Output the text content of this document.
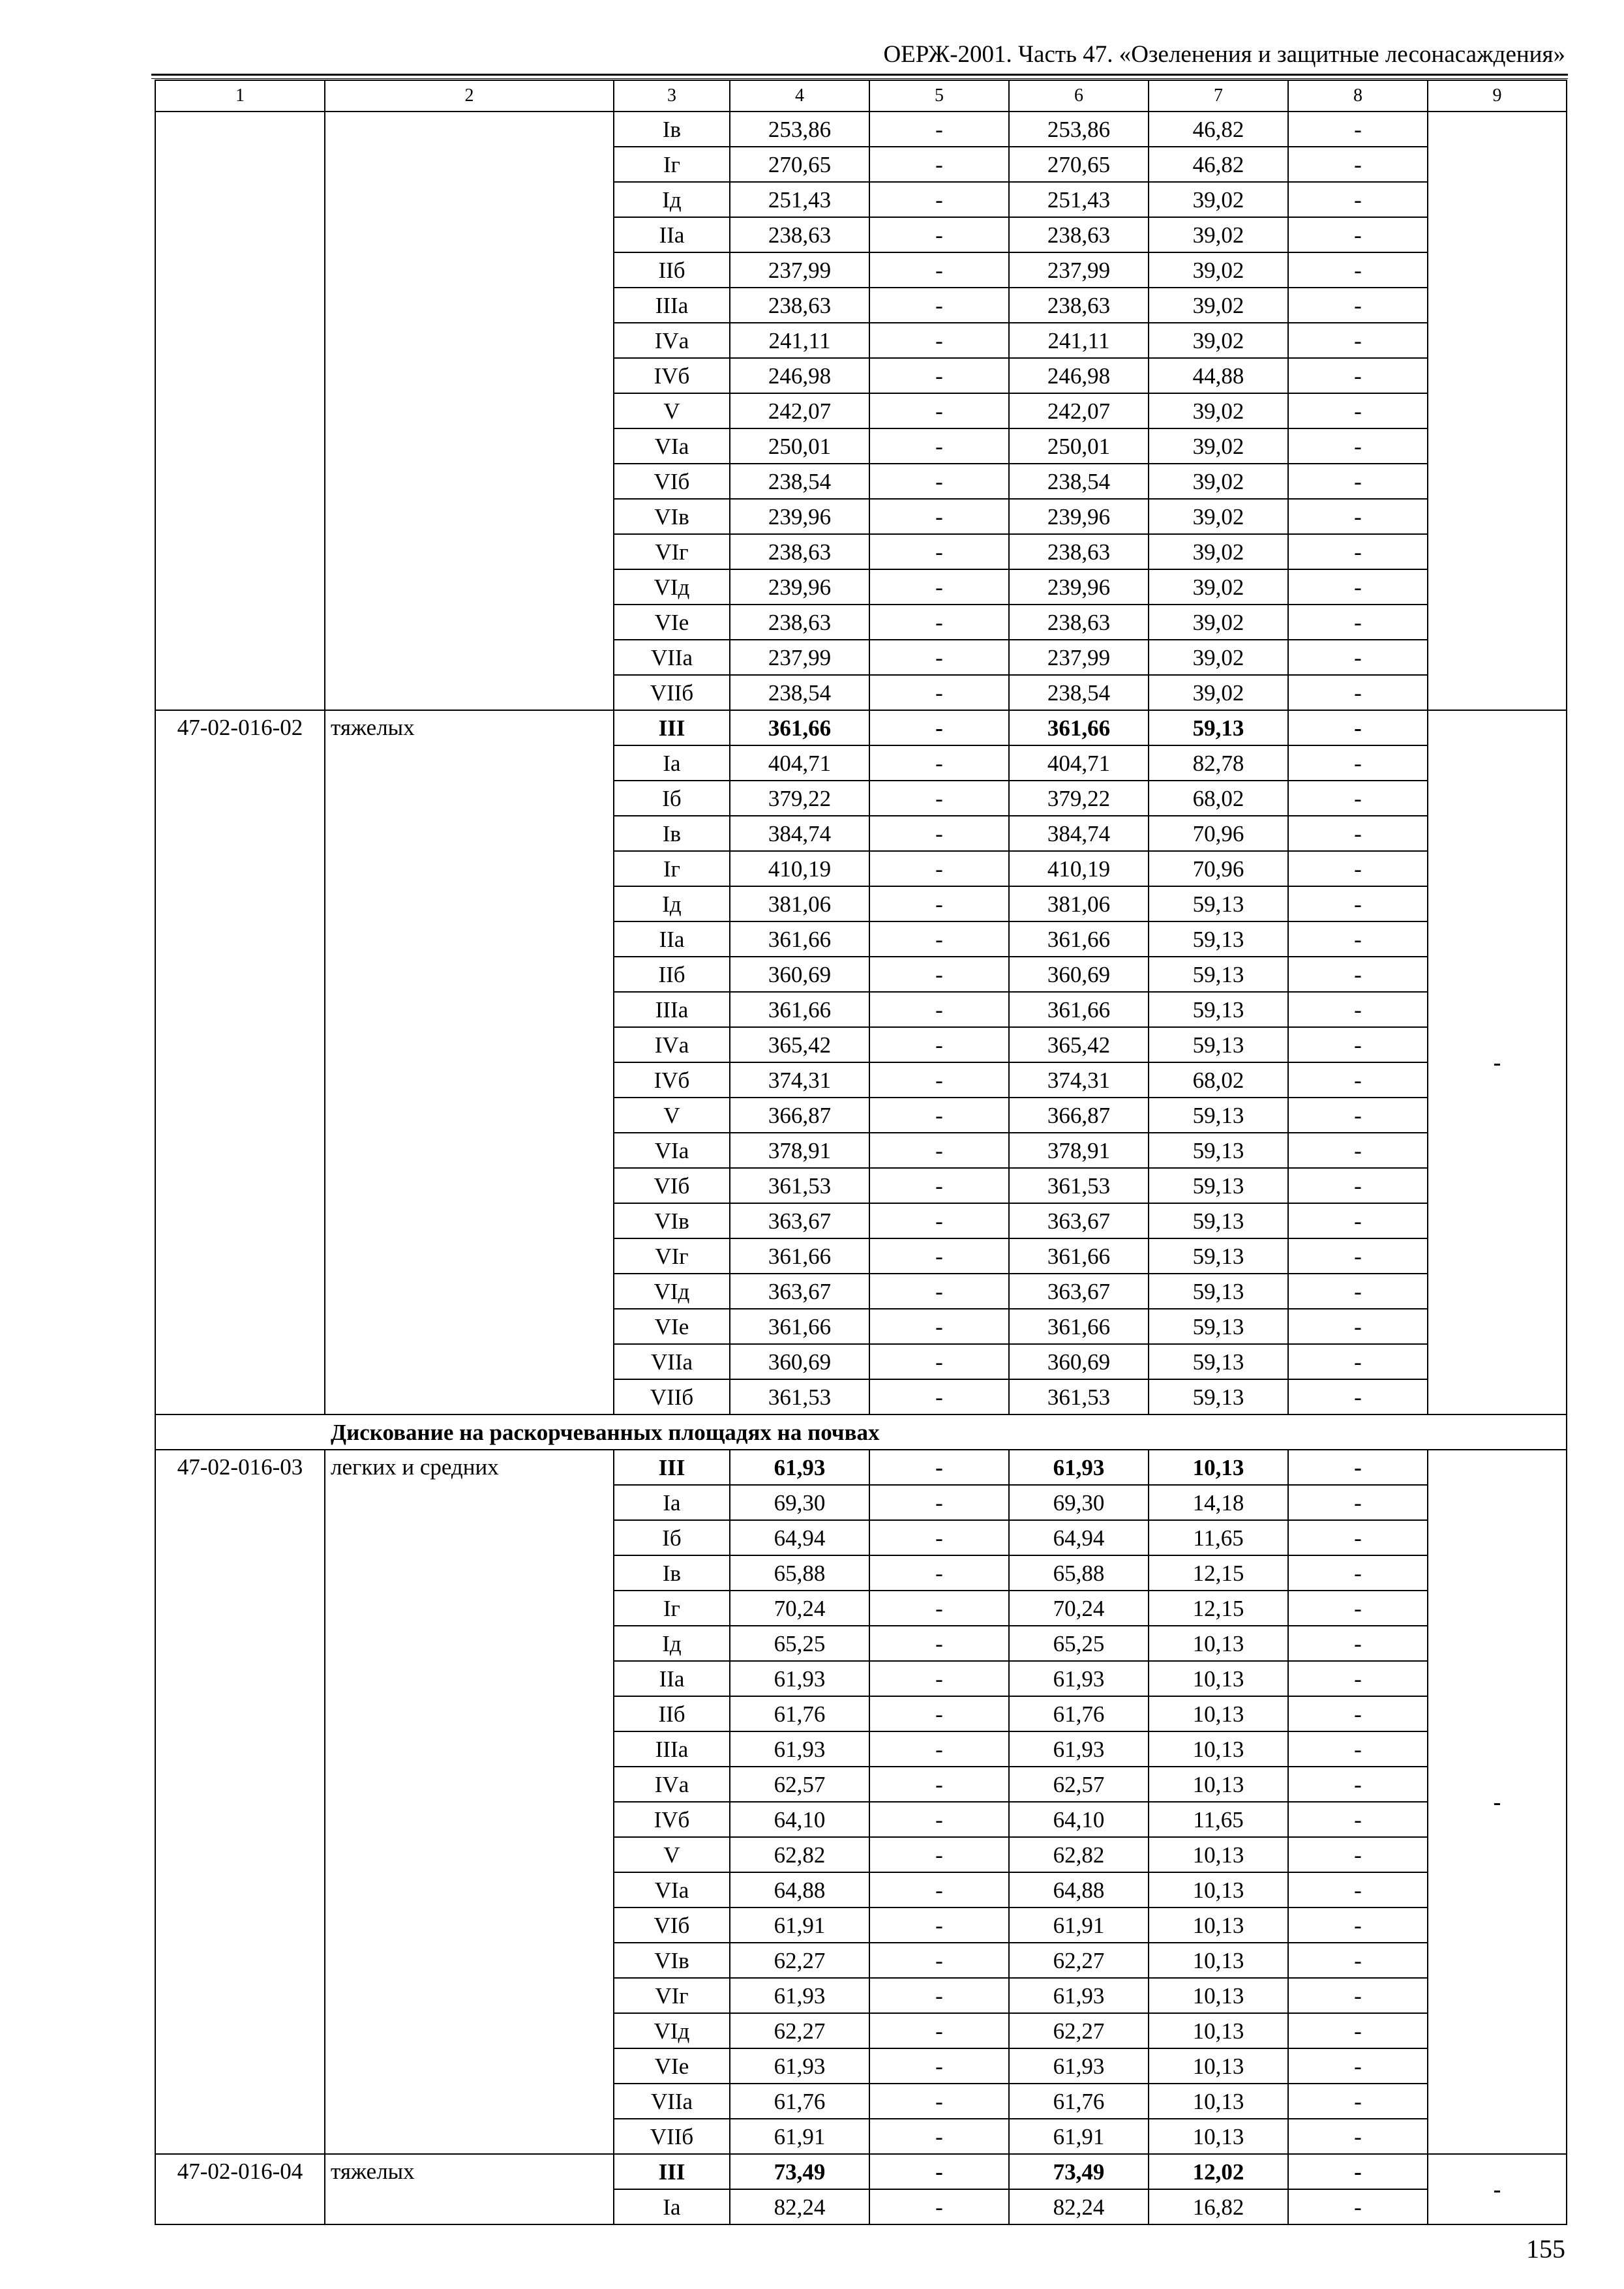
ОЕРЖ-2001. Часть 47. «Озеленения и защитные лесонасаждения»
1	2	3	4	5	6	7	8	9
		Iв	253,86	-	253,86	46,82	-	
		Iг	270,65	-	270,65	46,82	-	
		Iд	251,43	-	251,43	39,02	-	
		IIа	238,63	-	238,63	39,02	-	
		IIб	237,99	-	237,99	39,02	-	
		IIIа	238,63	-	238,63	39,02	-	
		IVа	241,11	-	241,11	39,02	-	
		IVб	246,98	-	246,98	44,88	-	
		V	242,07	-	242,07	39,02	-	
		VIа	250,01	-	250,01	39,02	-	
		VIб	238,54	-	238,54	39,02	-	
		VIв	239,96	-	239,96	39,02	-	
		VIг	238,63	-	238,63	39,02	-	
		VIд	239,96	-	239,96	39,02	-	
		VIе	238,63	-	238,63	39,02	-	
		VIIа	237,99	-	237,99	39,02	-	
		VIIб	238,54	-	238,54	39,02	-	
47-02-016-02	тяжелых	III	361,66	-	361,66	59,13	-	-
		Iа	404,71	-	404,71	82,78	-	
		Iб	379,22	-	379,22	68,02	-	
		Iв	384,74	-	384,74	70,96	-	
		Iг	410,19	-	410,19	70,96	-	
		Iд	381,06	-	381,06	59,13	-	
		IIа	361,66	-	361,66	59,13	-	
		IIб	360,69	-	360,69	59,13	-	
		IIIа	361,66	-	361,66	59,13	-	
		IVа	365,42	-	365,42	59,13	-	
		IVб	374,31	-	374,31	68,02	-	
		V	366,87	-	366,87	59,13	-	
		VIа	378,91	-	378,91	59,13	-	
		VIб	361,53	-	361,53	59,13	-	
		VIв	363,67	-	363,67	59,13	-	
		VIг	361,66	-	361,66	59,13	-	
		VIд	363,67	-	363,67	59,13	-	
		VIе	361,66	-	361,66	59,13	-	
		VIIа	360,69	-	360,69	59,13	-	
		VIIб	361,53	-	361,53	59,13	-	
Дискование на раскорчеванных площадях на почвах								
47-02-016-03	легких и средних	III	61,93	-	61,93	10,13	-	-
		Iа	69,30	-	69,30	14,18	-	
		Iб	64,94	-	64,94	11,65	-	
		Iв	65,88	-	65,88	12,15	-	
		Iг	70,24	-	70,24	12,15	-	
		Iд	65,25	-	65,25	10,13	-	
		IIа	61,93	-	61,93	10,13	-	
		IIб	61,76	-	61,76	10,13	-	
		IIIа	61,93	-	61,93	10,13	-	
		IVа	62,57	-	62,57	10,13	-	
		IVб	64,10	-	64,10	11,65	-	
		V	62,82	-	62,82	10,13	-	
		VIа	64,88	-	64,88	10,13	-	
		VIб	61,91	-	61,91	10,13	-	
		VIв	62,27	-	62,27	10,13	-	
		VIг	61,93	-	61,93	10,13	-	
		VIд	62,27	-	62,27	10,13	-	
		VIе	61,93	-	61,93	10,13	-	
		VIIа	61,76	-	61,76	10,13	-	
		VIIб	61,91	-	61,91	10,13	-	
47-02-016-04	тяжелых	III	73,49	-	73,49	12,02	-	-
		Iа	82,24	-	82,24	16,82	-	
155
